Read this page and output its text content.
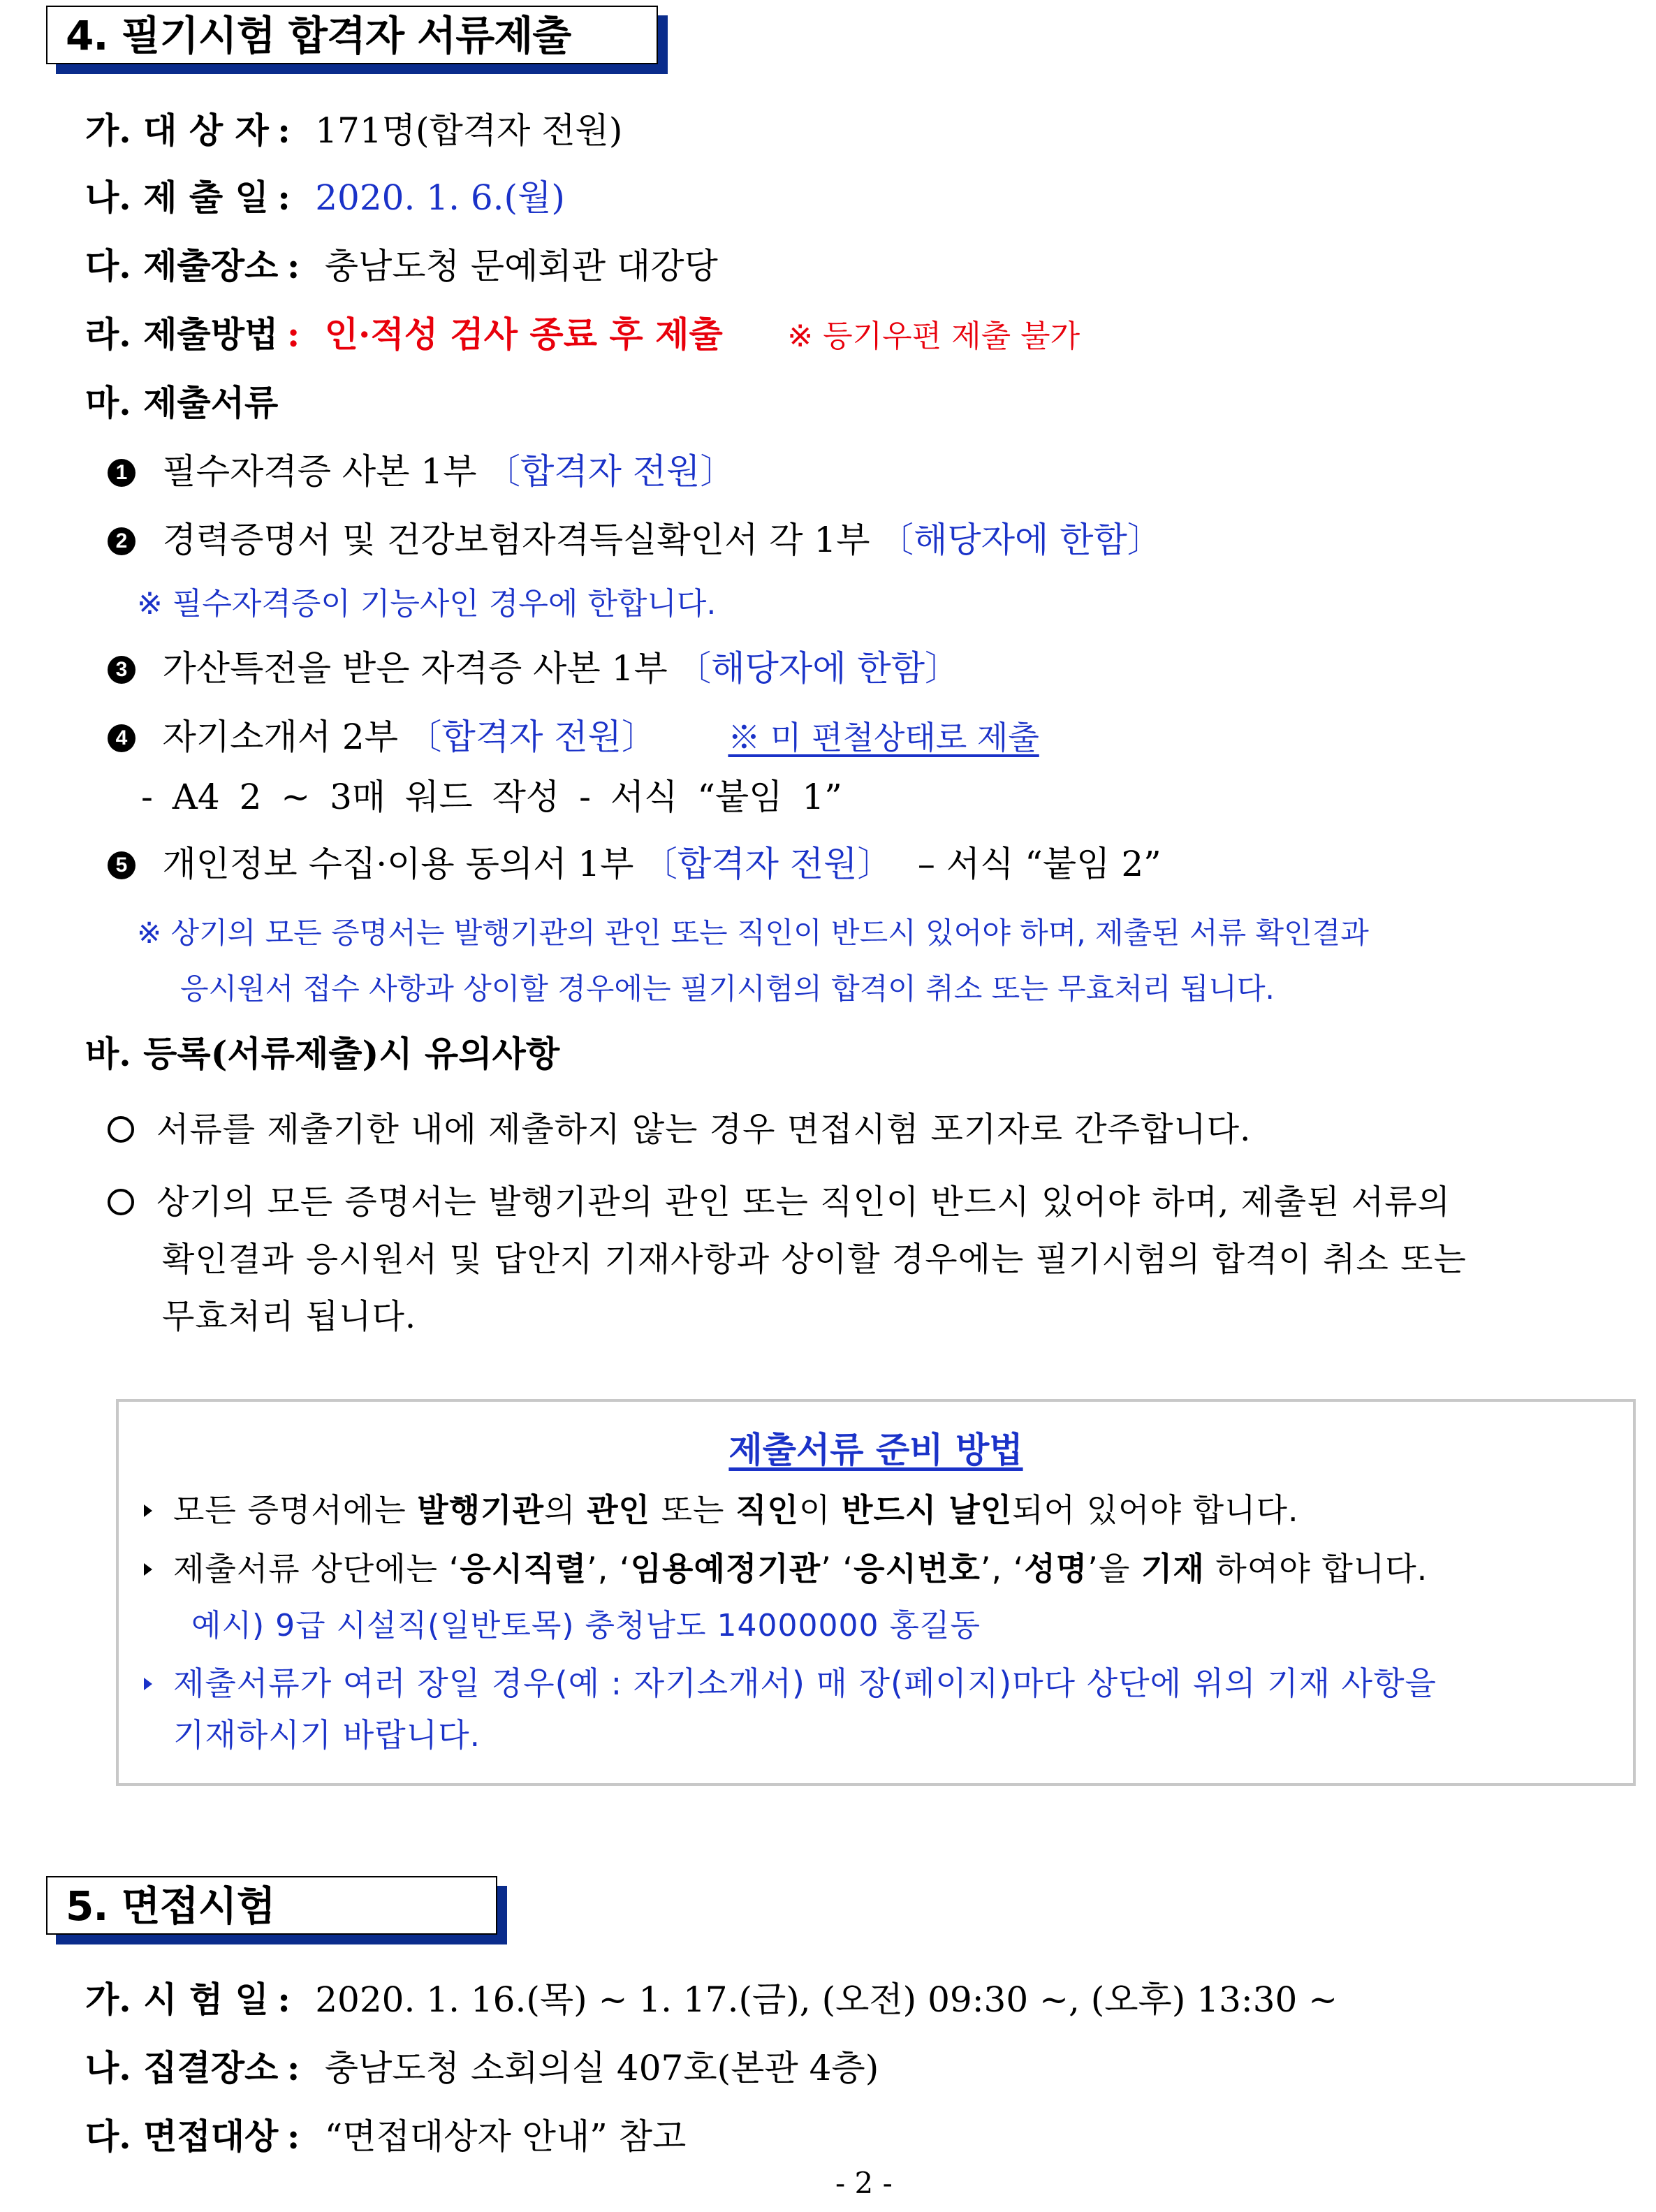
4. 필기시험 합격자 서류제출
가. 대 상 자 : 171명(합격자 전원)
나. 제 출 일 : 2020. 1. 6.(월)
다. 제출장소 : 충남도청 문예회관 대강당
라. 제출방법 : 인·적성 검사 종료 후 제출 ※ 등기우편 제출 불가
마. 제출서류
1 필수자격증 사본 1부 〔합격자 전원〕
2 경력증명서 및 건강보험자격득실확인서 각 1부 〔해당자에 한함〕
※ 필수자격증이 기능사인 경우에 한합니다.
3 가산특전을 받은 자격증 사본 1부 〔해당자에 한함〕
4 자기소개서 2부 〔합격자 전원〕 ※ 미 편철상태로 제출
- A4 2 ~ 3매 워드 작성 - 서식 “붙임 1”
5 개인정보 수집·이용 동의서 1부 〔합격자 전원〕 – 서식 “붙임 2”
※ 상기의 모든 증명서는 발행기관의 관인 또는 직인이 반드시 있어야 하며, 제출된 서류 확인결과
응시원서 접수 사항과 상이할 경우에는 필기시험의 합격이 취소 또는 무효처리 됩니다.
바. 등록(서류제출)시 유의사항
서류를 제출기한 내에 제출하지 않는 경우 면접시험 포기자로 간주합니다.
상기의 모든 증명서는 발행기관의 관인 또는 직인이 반드시 있어야 하며, 제출된 서류의
확인결과 응시원서 및 답안지 기재사항과 상이할 경우에는 필기시험의 합격이 취소 또는
무효처리 됩니다.
제출서류 준비 방법
모든 증명서에는 발행기관의 관인 또는 직인이 반드시 날인되어 있어야 합니다.
제출서류 상단에는 ‘응시직렬’, ‘임용예정기관’ ‘응시번호’, ‘성명’을 기재 하여야 합니다.
예시) 9급 시설직(일반토목) 충청남도 14000000 홍길동
제출서류가 여러 장일 경우(예 : 자기소개서) 매 장(페이지)마다 상단에 위의 기재 사항을
기재하시기 바랍니다.
5. 면접시험
가. 시 험 일 : 2020. 1. 16.(목) ~ 1. 17.(금), (오전) 09:30 ~, (오후) 13:30 ~
나. 집결장소 : 충남도청 소회의실 407호(본관 4층)
다. 면접대상 : “면접대상자 안내” 참고
- 2 -
